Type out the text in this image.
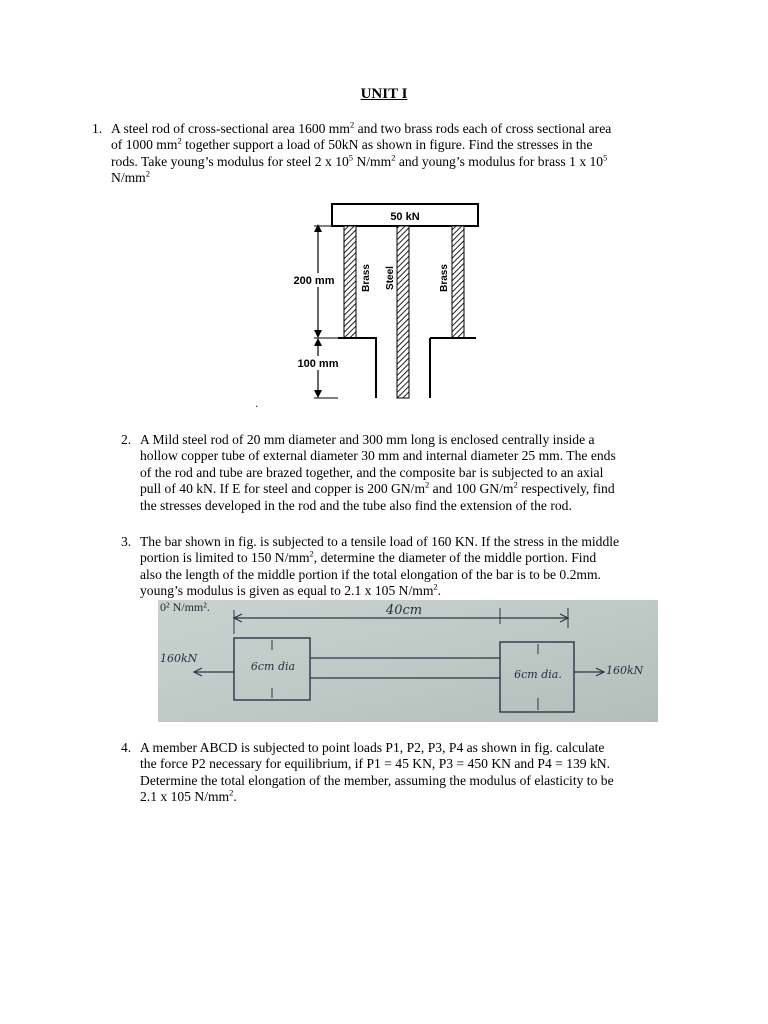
UNIT I
1. A steel rod of cross-sectional area 1600 $mm^2$ and two brass rods each of cross sectional area
of 1000 $mm^2$ together support a load of 50kN as shown in figure. Find the stresses in the
rods. Take young’s modulus for steel 2 x $10^5$ $N/mm^2$ and young’s modulus for brass 1 x $10^5$
$N/mm^2$
50 kN
Brass Steel	Brass
200 mm
100 mm
·
2. A Mild steel rod of 20 mm diameter and 300 mm long is enclosed centrally inside a
hollow copper tube of external diameter 30 mm and internal diameter 25 mm. The ends
of the rod and tube are brazed together, and the composite bar is subjected to an axial
pull of 40 kN. If E for steel and copper is 200 $GN/m^2$ and 100 $GN/m^2$ respectively, find
the stresses developed in the rod and the tube also find the extension of the rod.
3. The bar shown in fig. is subjected to a tensile load of 160 KN. If the stress in the middle
portion is limited to 150 $N/mm^2$, determine the diameter of the middle portion. Find
also the length of the middle portion if the total elongation of the bar is to be 0.2mm.
young’s modulus is given as equal to 2.1 x 105 $N/mm^2$.
0² N/mm².	40cm
6cm dia
6cm dia.
160kN
160kN
4. A member ABCD is subjected to point loads P1, P2, P3, P4 as shown in fig. calculate
the force P2 necessary for equilibrium, if P1 = 45 KN, P3 = 450 KN and P4 = 139 kN.
Determine the total elongation of the member, assuming the modulus of elasticity to be
2.1 x 105 $N/mm^2$.
